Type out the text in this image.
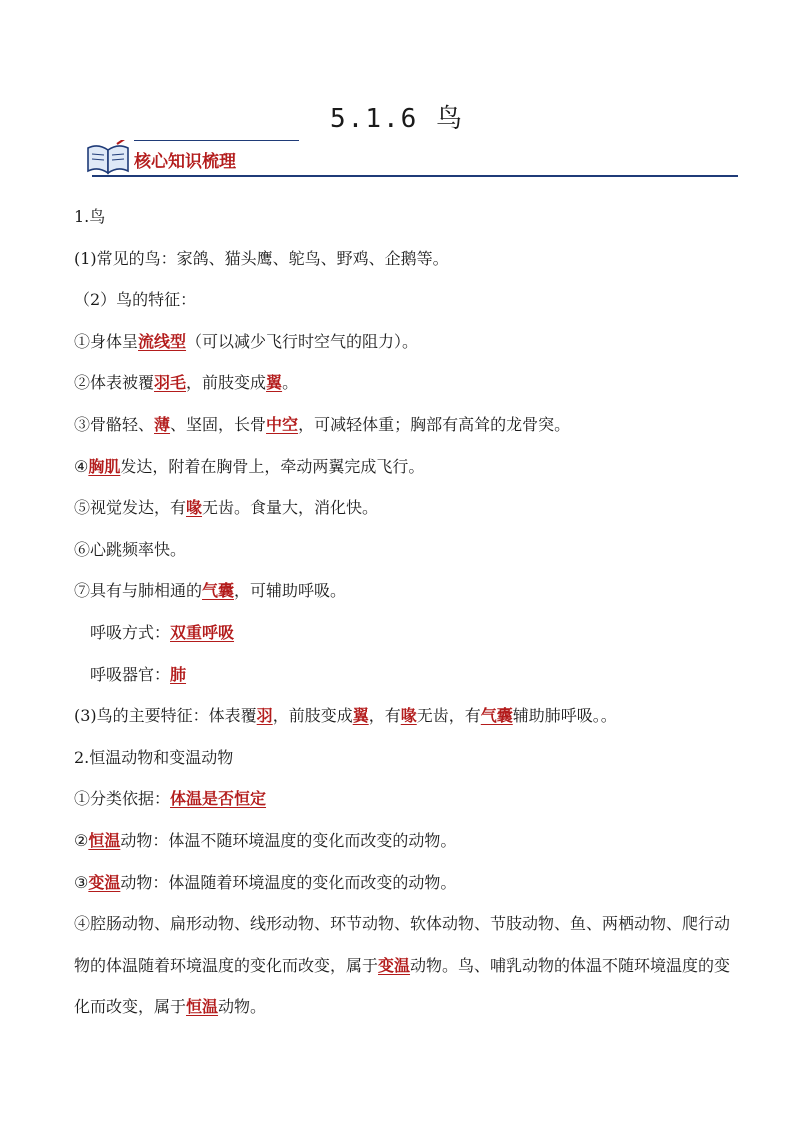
5.1.6 鸟
核心知识梳理
1.鸟
(1)常见的鸟：家鸽、猫头鹰、鸵鸟、野鸡、企鹅等。
（2）鸟的特征：
①身体呈流线型（可以减少飞行时空气的阻力）。
②体表被覆羽毛，前肢变成翼。
③骨骼轻、薄、坚固，长骨中空，可减轻体重；胸部有高耸的龙骨突。
④胸肌发达，附着在胸骨上，牵动两翼完成飞行。
⑤视觉发达，有喙无齿。食量大，消化快。
⑥心跳频率快。
⑦具有与肺相通的气囊，可辅助呼吸。
呼吸方式：双重呼吸
呼吸器官：肺
(3)鸟的主要特征：体表覆羽，前肢变成翼，有喙无齿，有气囊辅助肺呼吸。。
2.恒温动物和变温动物
①分类依据：体温是否恒定
②恒温动物：体温不随环境温度的变化而改变的动物。
③变温动物：体温随着环境温度的变化而改变的动物。
④腔肠动物、扁形动物、线形动物、环节动物、软体动物、节肢动物、鱼、两栖动物、爬行动物的体温随着环境温度的变化而改变，属于变温动物。鸟、哺乳动物的体温不随环境温度的变化而改变，属于恒温动物。
